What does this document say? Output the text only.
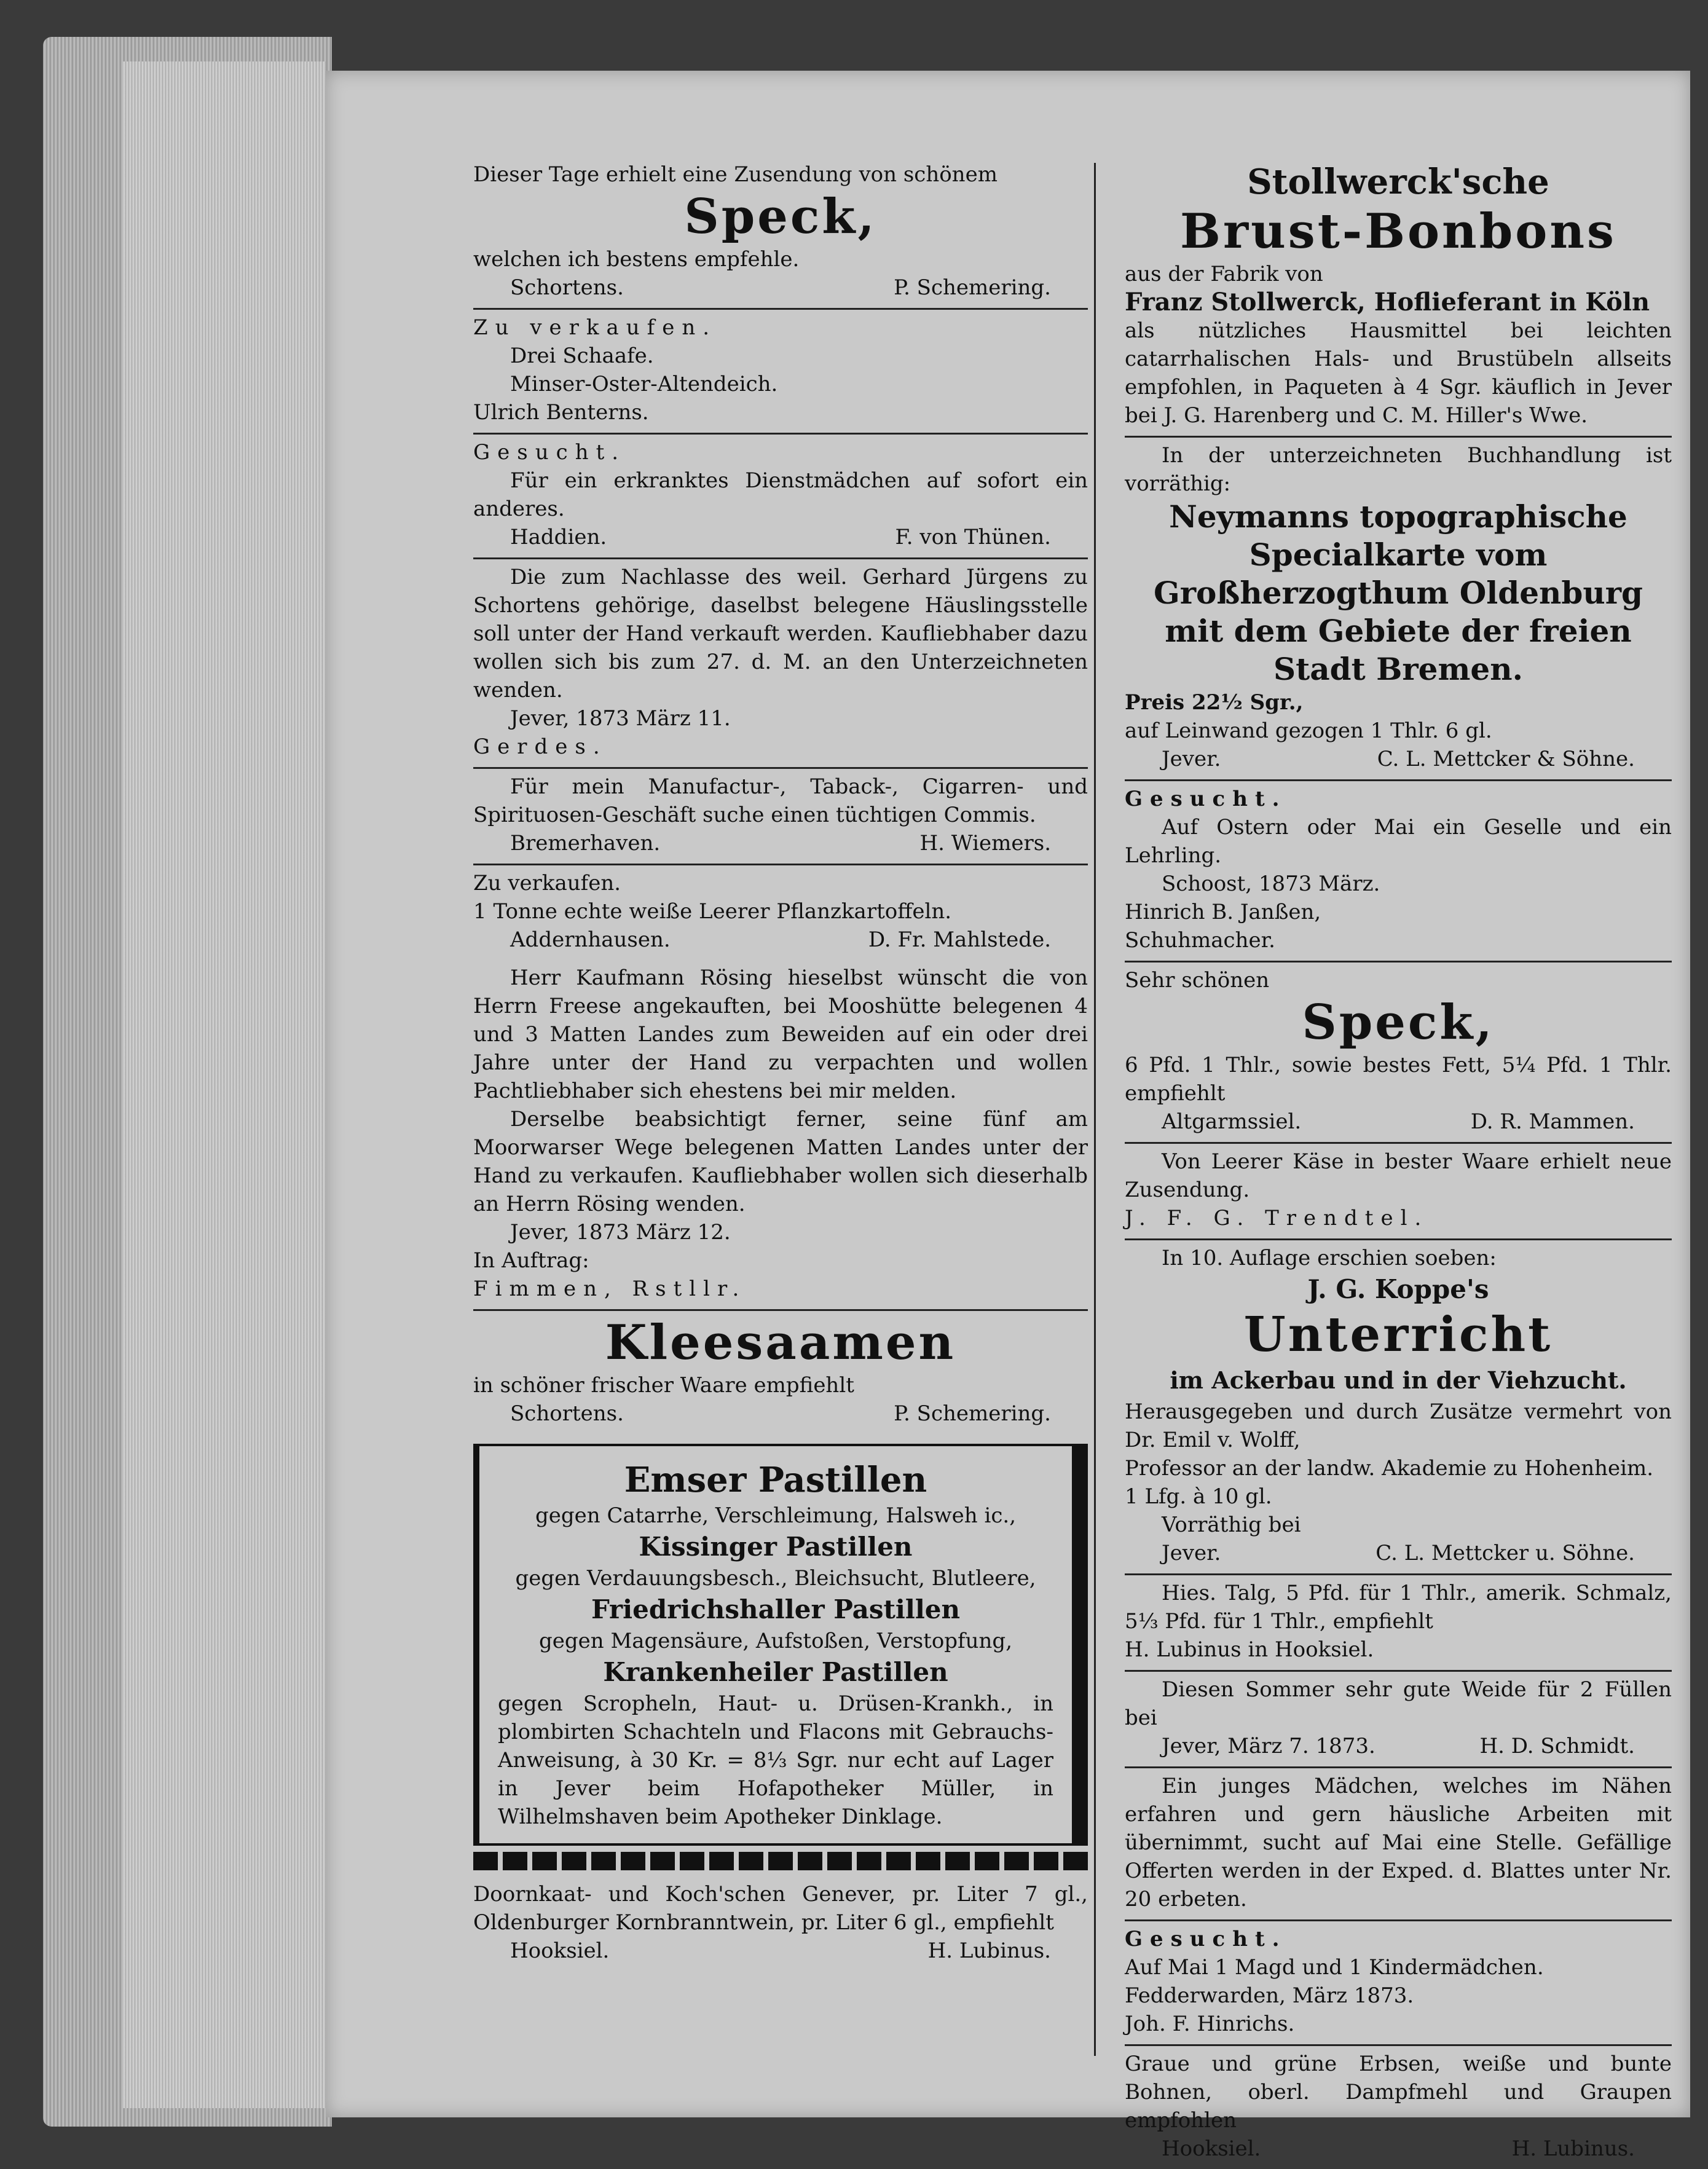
Dieser Tage erhielt eine Zusendung von schönem

Speck,

welchen ich bestens empfehle.

Schortens.	P. Schemering.

Zu verkaufen.

Drei Schaafe.

Minser-Oster-Altendeich.

Ulrich Benterns.

Gesucht.

Für ein erkranktes Dienstmädchen auf sofort ein anderes.

Haddien.	F. von Thünen.

Die zum Nachlasse des weil. Gerhard Jürgens zu Schortens gehörige, daselbst belegene Häuslingsstelle soll unter der Hand verkauft werden. Kaufliebhaber dazu wollen sich bis zum 27. d. M. an den Unterzeichneten wenden.

Jever, 1873 März 11.

Gerdes.

Für mein Manufactur-, Taback-, Cigarren- und Spirituosen-Geschäft suche einen tüchtigen Commis.

Bremerhaven.	H. Wiemers.

Zu verkaufen.

1 Tonne echte weiße Leerer Pflanzkartoffeln.

Addernhausen.	D. Fr. Mahlstede.

Herr Kaufmann Rösing hieselbst wünscht die von Herrn Freese angekauften, bei Mooshütte belegenen 4 und 3 Matten Landes zum Beweiden auf ein oder drei Jahre unter der Hand zu verpachten und wollen Pachtliebhaber sich ehestens bei mir melden.

Derselbe beabsichtigt ferner, seine fünf am Moorwarser Wege belegenen Matten Landes unter der Hand zu verkaufen. Kaufliebhaber wollen sich dieserhalb an Herrn Rösing wenden.

Jever, 1873 März 12.

In Auftrag:

Fimmen, Rstllr.

Kleesaamen

in schöner frischer Waare empfiehlt

Schortens.	P. Schemering.
Emser Pastillen

gegen Catarrhe, Verschleimung, Halsweh ic.,

Kissinger Pastillen

gegen Verdauungsbesch., Bleichsucht, Blutleere,

Friedrichshaller Pastillen

gegen Magensäure, Aufstoßen, Verstopfung,

Krankenheiler Pastillen

gegen Scropheln, Haut- u. Drüsen-Krankh., in plombirten Schachteln und Flacons mit Gebrauchs-Anweisung, à 30 Kr. = 8⅓ Sgr. nur echt auf Lager in Jever beim Hofapotheker Müller, in Wilhelmshaven beim Apotheker Dinklage.

Doornkaat- und Koch'schen Genever, pr. Liter 7 gl., Oldenburger Kornbranntwein, pr. Liter 6 gl., empfiehlt

Hooksiel.	H. Lubinus.
Stollwerck'sche
Brust-Bonbons

aus der Fabrik von

Franz Stollwerck, Hoflieferant in Köln

als nützliches Hausmittel bei leichten catarrhalischen Hals- und Brustübeln allseits empfohlen, in Paqueten à 4 Sgr. käuflich in Jever bei J. G. Harenberg und C. M. Hiller's Wwe.

In der unterzeichneten Buchhandlung ist vorräthig:

Neymanns topographische Specialkarte vom Großherzogthum Oldenburg mit dem Gebiete der freien Stadt Bremen.

Preis 22½ Sgr.,

auf Leinwand gezogen 1 Thlr. 6 gl.

Jever.	C. L. Mettcker & Söhne.

Gesucht.

Auf Ostern oder Mai ein Geselle und ein Lehrling.

Schoost, 1873 März.

Hinrich B. Janßen,

Schuhmacher.

Sehr schönen

Speck,

6 Pfd. 1 Thlr., sowie bestes Fett, 5¼ Pfd. 1 Thlr. empfiehlt

Altgarmssiel.	D. R. Mammen.

Von Leerer Käse in bester Waare erhielt neue Zusendung.

J. F. G. Trendtel.

In 10. Auflage erschien soeben:

J. G. Koppe's
Unterricht
im Ackerbau und in der Viehzucht.

Herausgegeben und durch Zusätze vermehrt von Dr. Emil v. Wolff,

Professor an der landw. Akademie zu Hohenheim.

1 Lfg. à 10 gl.

Vorräthig bei

Jever.	C. L. Mettcker u. Söhne.

Hies. Talg, 5 Pfd. für 1 Thlr., amerik. Schmalz, 5⅓ Pfd. für 1 Thlr., empfiehlt

H. Lubinus in Hooksiel.

Diesen Sommer sehr gute Weide für 2 Füllen bei

Jever, März 7. 1873.	H. D. Schmidt.

Ein junges Mädchen, welches im Nähen erfahren und gern häusliche Arbeiten mit übernimmt, sucht auf Mai eine Stelle. Gefällige Offerten werden in der Exped. d. Blattes unter Nr. 20 erbeten.

Gesucht.

Auf Mai 1 Magd und 1 Kindermädchen.

Fedderwarden, März 1873.

Joh. F. Hinrichs.

Graue und grüne Erbsen, weiße und bunte Bohnen, oberl. Dampfmehl und Graupen empfohlen

Hooksiel.	H. Lubinus.
